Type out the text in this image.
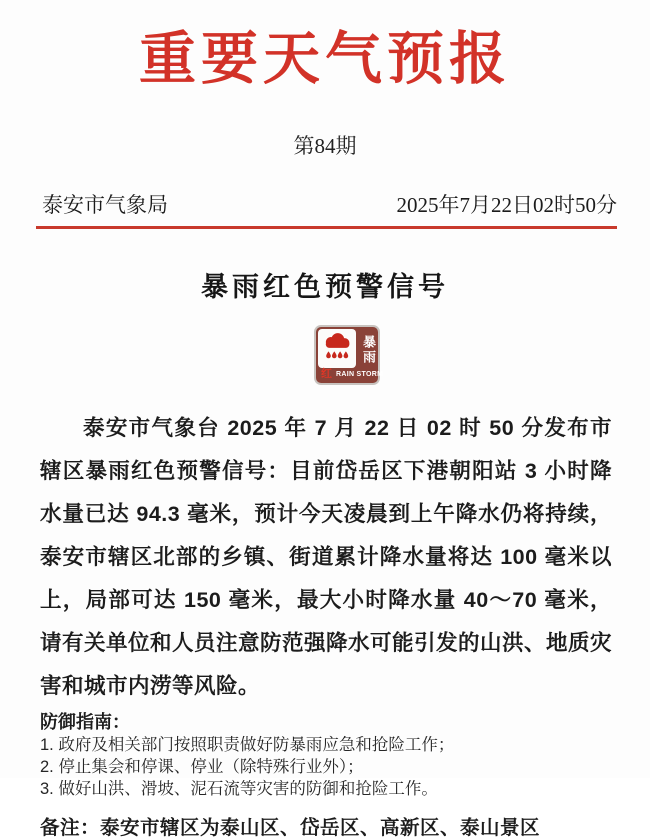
重要天气预报
第84期
泰安市气象局	2025年7月22日02时50分
暴雨红色预警信号
暴雨
红 RAIN STORM
泰安市气象台 2025 年 7 月 22 日 02 时 50 分发布市辖区暴雨红色预警信号：目前岱岳区下港朝阳站 3 小时降水量已达 94.3 毫米，预计今天凌晨到上午降水仍将持续，泰安市辖区北部的乡镇、街道累计降水量将达 100 毫米以上，局部可达 150 毫米，最大小时降水量 40～70 毫米，请有关单位和人员注意防范强降水可能引发的山洪、地质灾害和城市内涝等风险。
防御指南：
1. 政府及相关部门按照职责做好防暴雨应急和抢险工作；
2. 停止集会和停课、停业（除特殊行业外）；
3. 做好山洪、滑坡、泥石流等灾害的防御和抢险工作。
备注：泰安市辖区为泰山区、岱岳区、高新区、泰山景区
